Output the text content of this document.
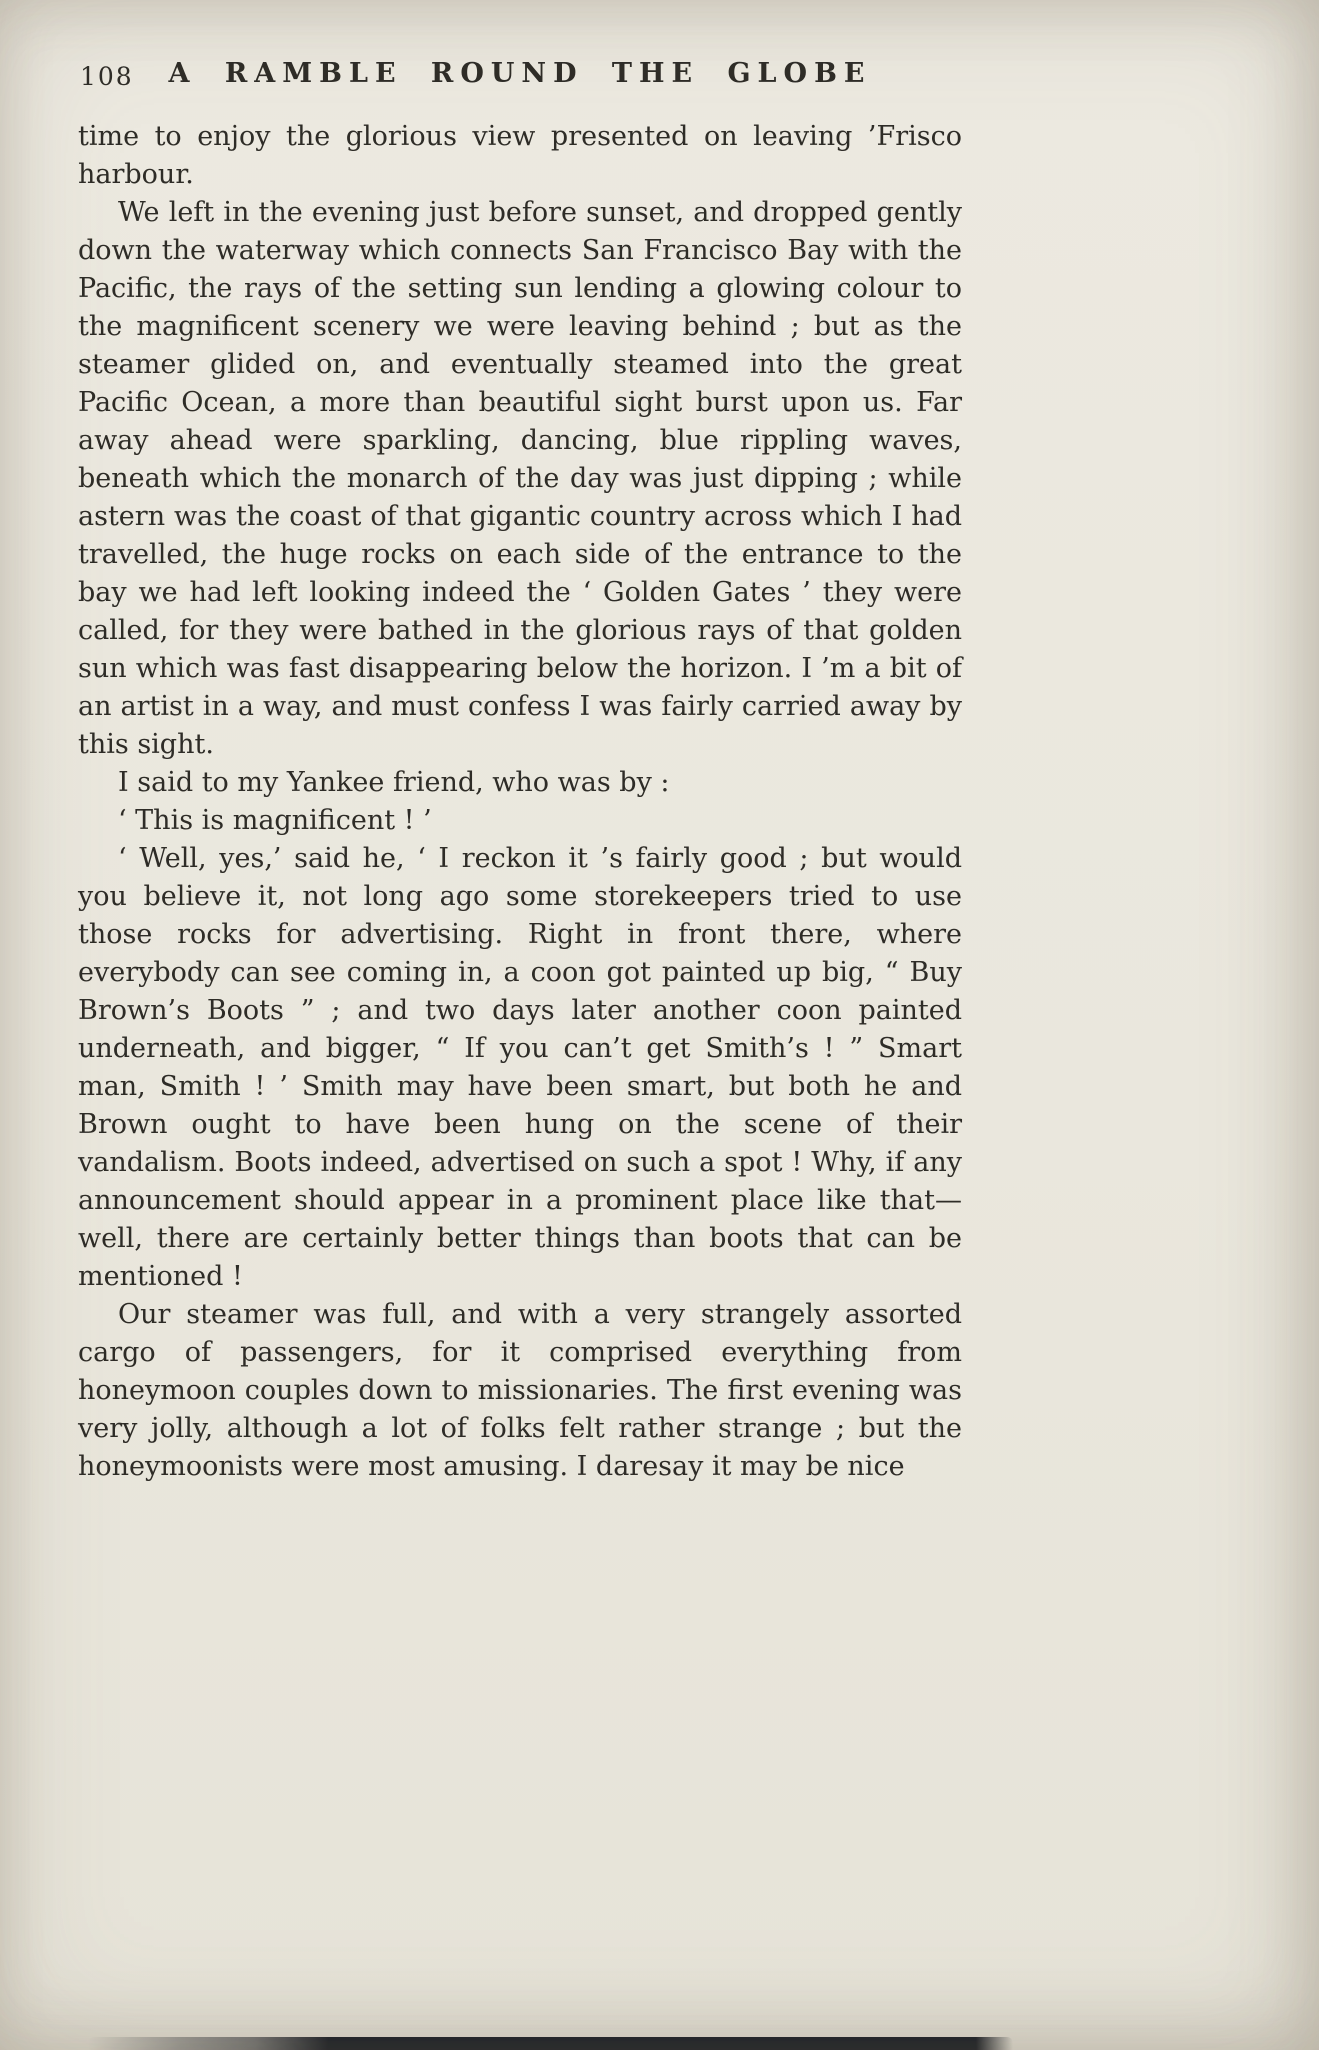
108	A RAMBLE ROUND THE GLOBE

time to enjoy the glorious view presented on leaving ’Frisco harbour.

We left in the evening just before sunset, and dropped gently down the waterway which connects San Francisco Bay with the Pacific, the rays of the setting sun lending a glowing colour to the magnificent scenery we were leaving behind ; but as the steamer glided on, and eventually steamed into the great Pacific Ocean, a more than beautiful sight burst upon us. Far away ahead were sparkling, dancing, blue rippling waves, beneath which the monarch of the day was just dipping ; while astern was the coast of that gigantic country across which I had travelled, the huge rocks on each side of the entrance to the bay we had left looking indeed the ‘ Golden Gates ’ they were called, for they were bathed in the glorious rays of that golden sun which was fast disappearing below the horizon. I ’m a bit of an artist in a way, and must confess I was fairly carried away by this sight.

I said to my Yankee friend, who was by :

‘ This is magnificent ! ’

‘ Well, yes,’ said he, ‘ I reckon it ’s fairly good ; but would you believe it, not long ago some storekeepers tried to use those rocks for advertising. Right in front there, where everybody can see coming in, a coon got painted up big, “ Buy Brown’s Boots ” ; and two days later another coon painted underneath, and bigger, “ If you can’t get Smith’s ! ” Smart man, Smith ! ’ Smith may have been smart, but both he and Brown ought to have been hung on the scene of their vandalism. Boots indeed, advertised on such a spot ! Why, if any announcement should appear in a prominent place like that—well, there are certainly better things than boots that can be mentioned !

Our steamer was full, and with a very strangely assorted cargo of passengers, for it comprised everything from honeymoon couples down to missionaries. The first evening was very jolly, although a lot of folks felt rather strange ; but the honeymoonists were most amusing. I daresay it may be nice
